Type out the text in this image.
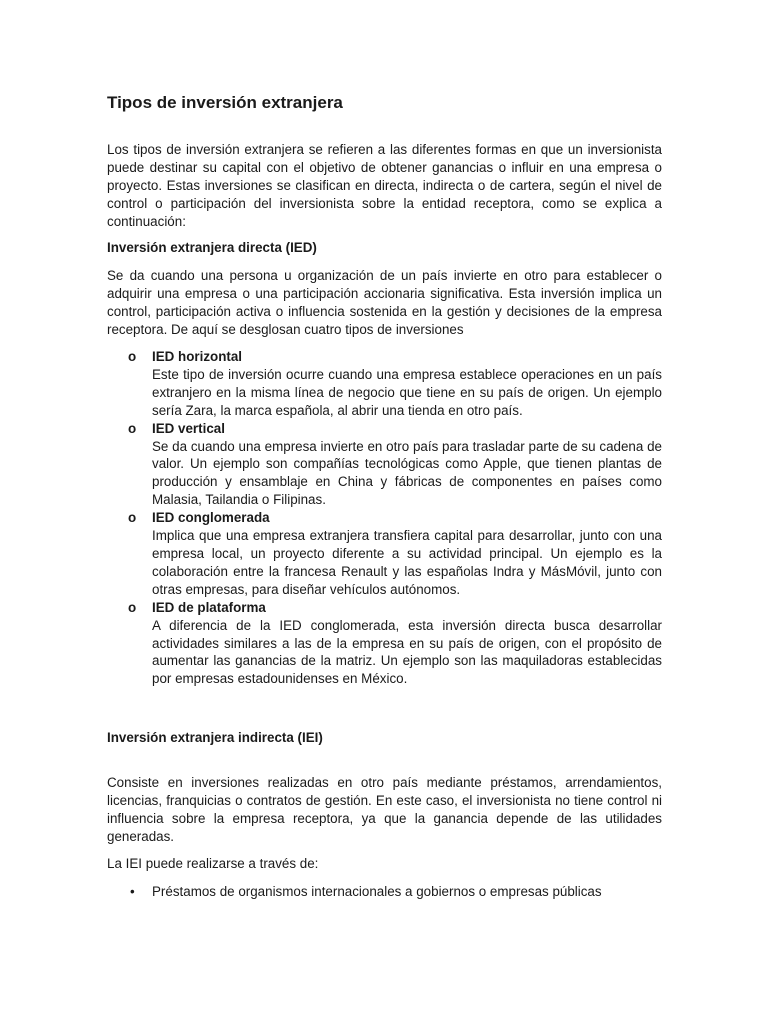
Tipos de inversión extranjera

Los tipos de inversión extranjera se refieren a las diferentes formas en que un inversionista puede destinar su capital con el objetivo de obtener ganancias o influir en una empresa o proyecto. Estas inversiones se clasifican en directa, indirecta o de cartera, según el nivel de control o participación del inversionista sobre la entidad receptora, como se explica a continuación:

Inversión extranjera directa (IED)

Se da cuando una persona u organización de un país invierte en otro para establecer o adquirir una empresa o una participación accionaria significativa. Esta inversión implica un control, participación activa o influencia sostenida en la gestión y decisiones de la empresa receptora. De aquí se desglosan cuatro tipos de inversiones

o IED horizontal
Este tipo de inversión ocurre cuando una empresa establece operaciones en un país extranjero en la misma línea de negocio que tiene en su país de origen. Un ejemplo sería Zara, la marca española, al abrir una tienda en otro país.
o IED vertical
Se da cuando una empresa invierte en otro país para trasladar parte de su cadena de valor. Un ejemplo son compañías tecnológicas como Apple, que tienen plantas de producción y ensamblaje en China y fábricas de componentes en países como Malasia, Tailandia o Filipinas.
o IED conglomerada
Implica que una empresa extranjera transfiera capital para desarrollar, junto con una empresa local, un proyecto diferente a su actividad principal. Un ejemplo es la colaboración entre la francesa Renault y las españolas Indra y MásMóvil, junto con otras empresas, para diseñar vehículos autónomos.
o IED de plataforma
A diferencia de la IED conglomerada, esta inversión directa busca desarrollar actividades similares a las de la empresa en su país de origen, con el propósito de aumentar las ganancias de la matriz. Un ejemplo son las maquiladoras establecidas por empresas estadounidenses en México.
Inversión extranjera indirecta (IEI)

Consiste en inversiones realizadas en otro país mediante préstamos, arrendamientos, licencias, franquicias o contratos de gestión. En este caso, el inversionista no tiene control ni influencia sobre la empresa receptora, ya que la ganancia depende de las utilidades generadas.

La IEI puede realizarse a través de:

• Préstamos de organismos internacionales a gobiernos o empresas públicas
